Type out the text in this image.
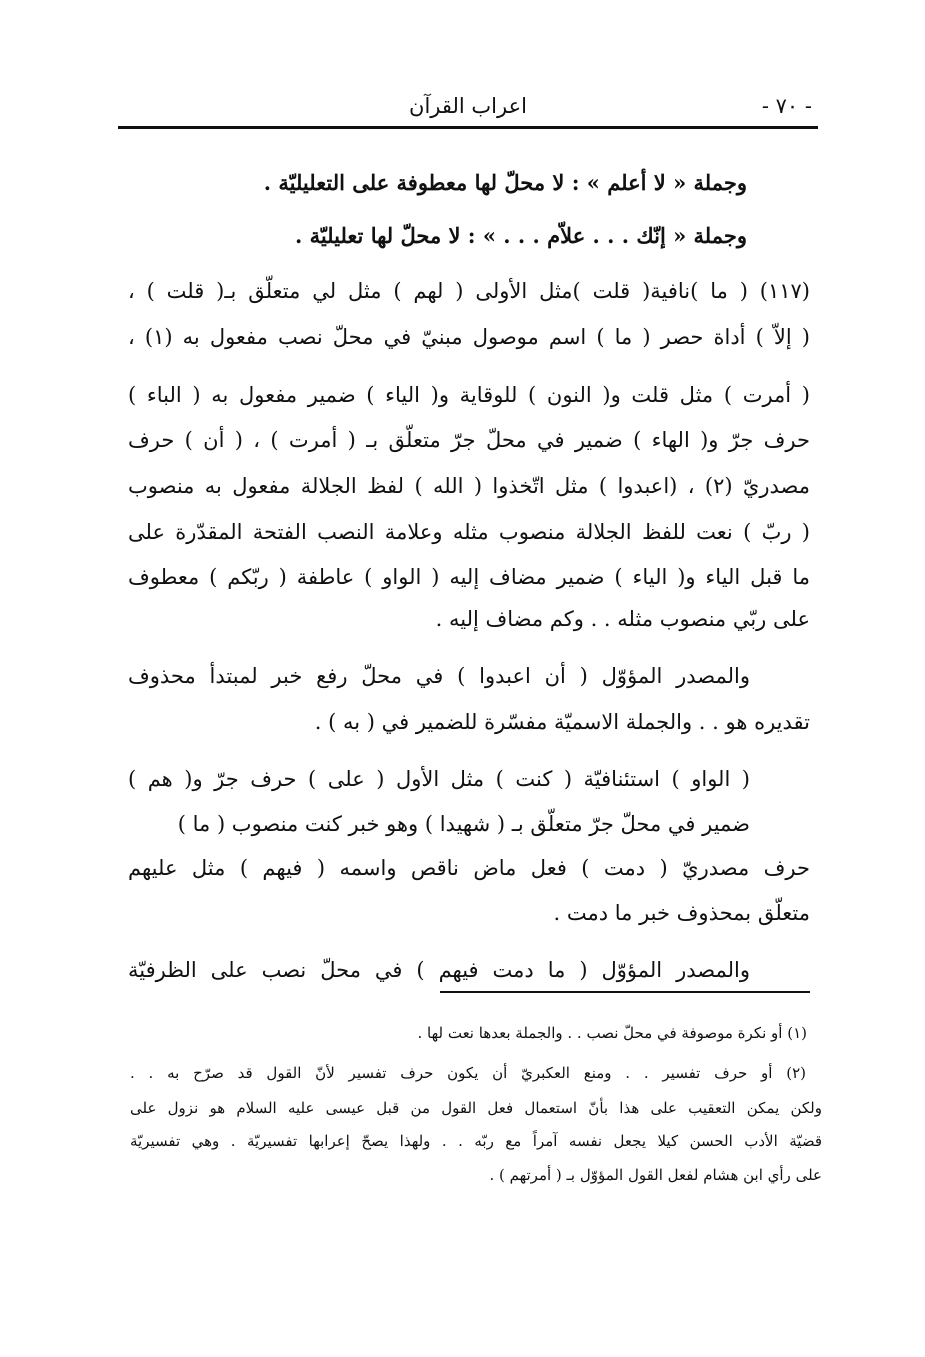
- ٧٠ -
اعراب القرآن
وجملة « لا أعلم » : لا محلّ لها معطوفة على التعليليّة .
وجملة « إنّك . . . علاّم . . . » : لا محلّ لها تعليليّة .
(١١٧) ( ما )نافية( قلت )مثل الأولى ( لهم ) مثل لي متعلّق بـ( قلت ) ،
( إلاّ ) أداة حصر ( ما ) اسم موصول مبنيّ في محلّ نصب مفعول به (١) ،
( أمرت ) مثل قلت و( النون ) للوقاية و( الياء ) ضمير مفعول به ( الباء )
حرف جرّ و( الهاء ) ضمير في محلّ جرّ متعلّق بـ ( أمرت ) ، ( أن ) حرف
مصدريّ (٢) ، (اعبدوا ) مثل اتّخذوا ( الله ) لفظ الجلالة مفعول به منصوب
( ربّ ) نعت للفظ الجلالة منصوب مثله وعلامة النصب الفتحة المقدّرة على
ما قبل الياء و( الياء ) ضمير مضاف إليه ( الواو ) عاطفة ( ربّكم ) معطوف
على ربّي منصوب مثله . . وكم مضاف إليه .
والمصدر المؤوّل ( أن اعبدوا ) في محلّ رفع خبر لمبتدأ محذوف
تقديره هو . . والجملة الاسميّة مفسّرة للضمير في ( به ) .
( الواو ) استئنافيّة ( كنت ) مثل الأول ( على ) حرف جرّ و( هم )
ضمير في محلّ جرّ متعلّق بـ ( شهيدا ) وهو خبر كنت منصوب ( ما )
حرف مصدريّ ( دمت ) فعل ماض ناقص واسمه ( فيهم ) مثل عليهم
متعلّق بمحذوف خبر ما دمت .
والمصدر المؤوّل ( ما دمت فيهم ) في محلّ نصب على الظرفيّة
(١) أو نكرة موصوفة في محلّ نصب . . والجملة بعدها نعت لها .
(٢) أو حرف تفسير . . ومنع العكبريّ أن يكون حرف تفسير لأنّ القول قد صرّح به . .
ولكن يمكن التعقيب على هذا بأنّ استعمال فعل القول من قبل عيسى عليه السلام هو نزول على
قضيّة الأدب الحسن كيلا يجعل نفسه آمراً مع ربّه . . ولهذا يصحّ إعرابها تفسيريّة . وهي تفسيريّة
على رأي ابن هشام لفعل القول المؤوّل بـ ( أمرتهم ) .
